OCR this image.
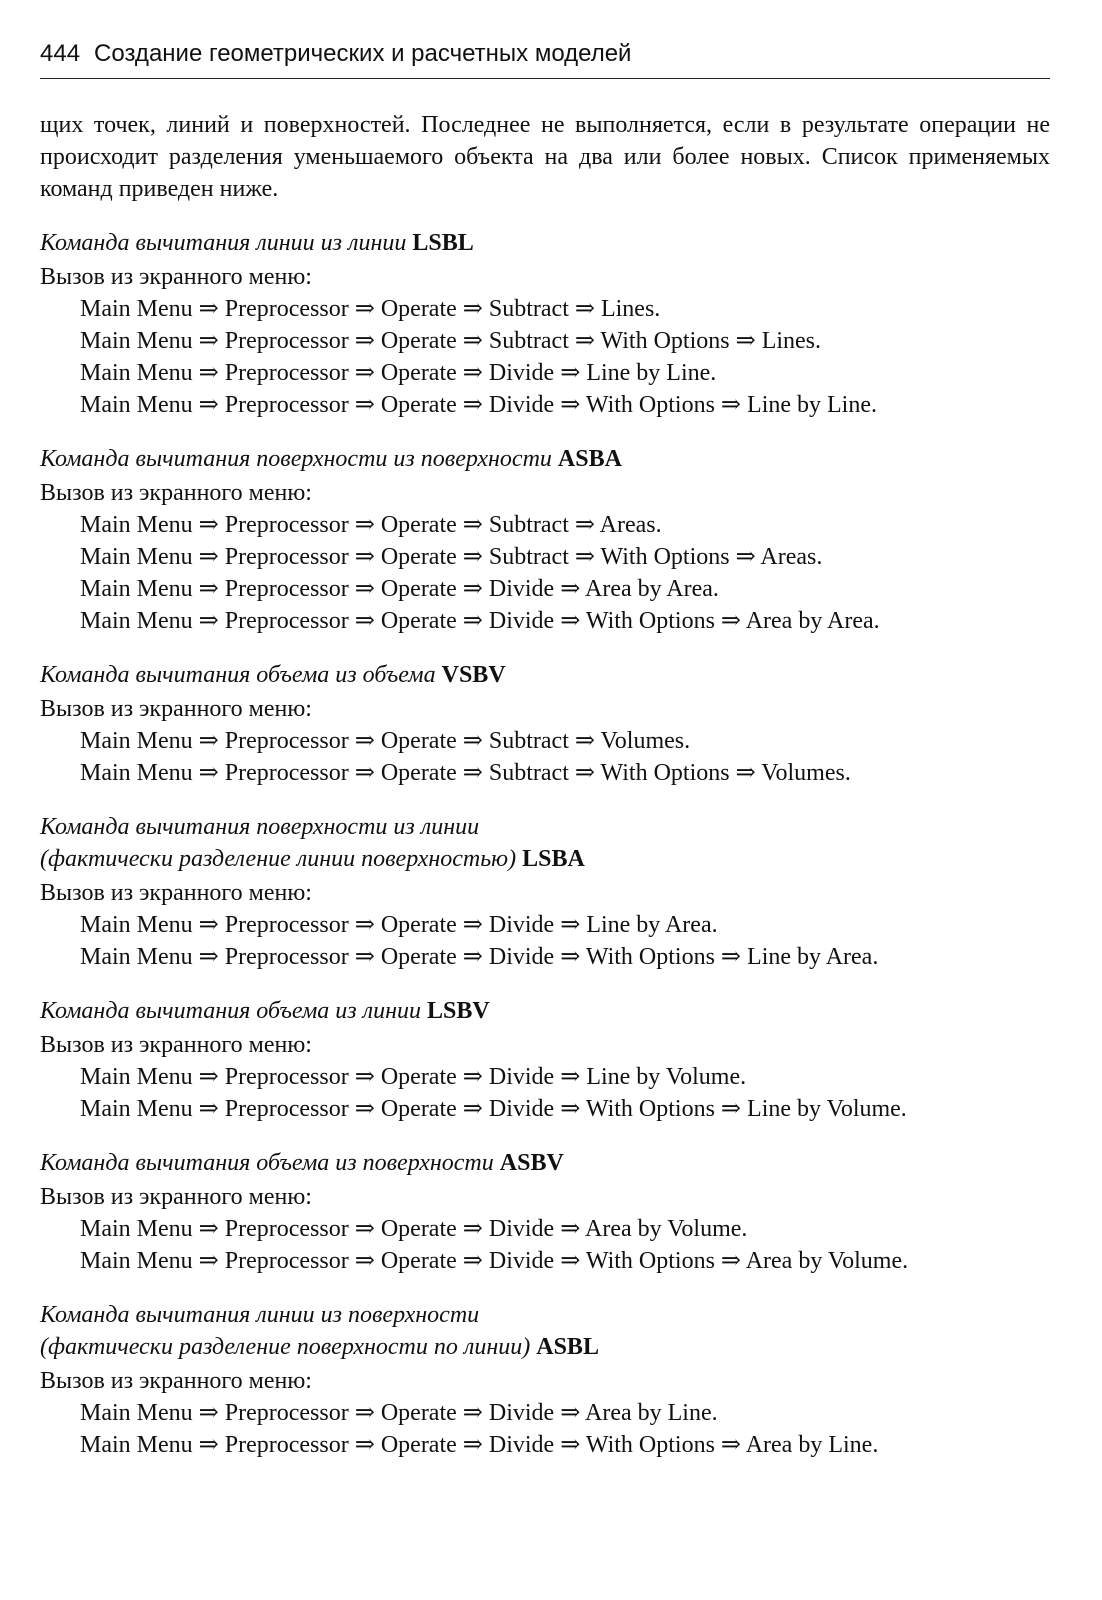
444 Создание геометрических и расчетных моделей

щих точек, линий и поверхностей. Последнее не выполняется, если в результате операции не происходит разделения уменьшаемого объекта на два или более новых. Список применяемых команд приведен ниже.

Команда вычитания линии из линии LSBL
Вызов из экранного меню:
Main Menu ⇒ Preprocessor ⇒ Operate ⇒ Subtract ⇒ Lines.
Main Menu ⇒ Preprocessor ⇒ Operate ⇒ Subtract ⇒ With Options ⇒ Lines.
Main Menu ⇒ Preprocessor ⇒ Operate ⇒ Divide ⇒ Line by Line.
Main Menu ⇒ Preprocessor ⇒ Operate ⇒ Divide ⇒ With Options ⇒ Line by Line.
Команда вычитания поверхности из поверхности ASBA
Вызов из экранного меню:
Main Menu ⇒ Preprocessor ⇒ Operate ⇒ Subtract ⇒ Areas.
Main Menu ⇒ Preprocessor ⇒ Operate ⇒ Subtract ⇒ With Options ⇒ Areas.
Main Menu ⇒ Preprocessor ⇒ Operate ⇒ Divide ⇒ Area by Area.
Main Menu ⇒ Preprocessor ⇒ Operate ⇒ Divide ⇒ With Options ⇒ Area by Area.
Команда вычитания объема из объема VSBV
Вызов из экранного меню:
Main Menu ⇒ Preprocessor ⇒ Operate ⇒ Subtract ⇒ Volumes.
Main Menu ⇒ Preprocessor ⇒ Operate ⇒ Subtract ⇒ With Options ⇒ Volumes.
Команда вычитания поверхности из линии
(фактически разделение линии поверхностью) LSBA
Вызов из экранного меню:
Main Menu ⇒ Preprocessor ⇒ Operate ⇒ Divide ⇒ Line by Area.
Main Menu ⇒ Preprocessor ⇒ Operate ⇒ Divide ⇒ With Options ⇒ Line by Area.
Команда вычитания объема из линии LSBV
Вызов из экранного меню:
Main Menu ⇒ Preprocessor ⇒ Operate ⇒ Divide ⇒ Line by Volume.
Main Menu ⇒ Preprocessor ⇒ Operate ⇒ Divide ⇒ With Options ⇒ Line by Volume.
Команда вычитания объема из поверхности ASBV
Вызов из экранного меню:
Main Menu ⇒ Preprocessor ⇒ Operate ⇒ Divide ⇒ Area by Volume.
Main Menu ⇒ Preprocessor ⇒ Operate ⇒ Divide ⇒ With Options ⇒ Area by Volume.
Команда вычитания линии из поверхности
(фактически разделение поверхности по линии) ASBL
Вызов из экранного меню:
Main Menu ⇒ Preprocessor ⇒ Operate ⇒ Divide ⇒ Area by Line.
Main Menu ⇒ Preprocessor ⇒ Operate ⇒ Divide ⇒ With Options ⇒ Area by Line.
